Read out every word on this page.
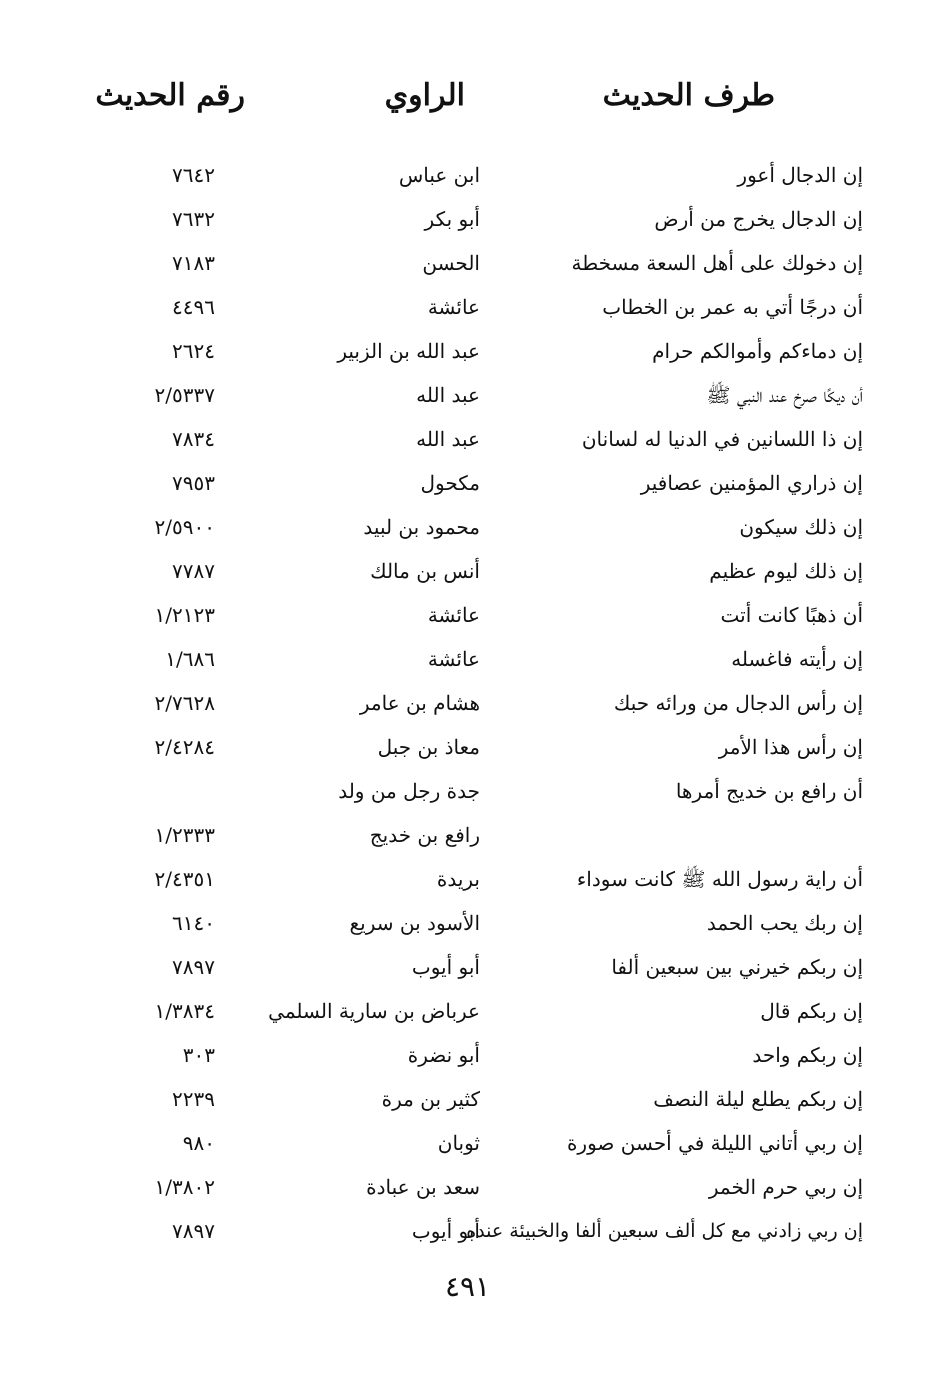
طرف الحديث
الراوي
رقم الحديث
إن الدجال أعور
ابن عباس
٧٦٤٢
إن الدجال يخرج من أرض
أبو بكر
٧٦٣٢
إن دخولك على أهل السعة مسخطة
الحسن
٧١٨٣
أن درجًا أتي به عمر بن الخطاب
عائشة
٤٤٩٦
إن دماءكم وأموالكم حرام
عبد الله بن الزبير
٢٦٢٤
أن ديكًا صرخ عند النبي ﷺ
عبد الله
٢/٥٣٣٧
إن ذا اللسانين في الدنيا له لسانان
عبد الله
٧٨٣٤
إن ذراري المؤمنين عصافير
مكحول
٧٩٥٣
إن ذلك سيكون
محمود بن لبيد
٢/٥٩٠٠
إن ذلك ليوم عظيم
أنس بن مالك
٧٧٨٧
أن ذهبًا كانت أتت
عائشة
١/٢١٢٣
إن رأيته فاغسله
عائشة
١/٦٨٦
إن رأس الدجال من ورائه حبك
هشام بن عامر
٢/٧٦٢٨
إن رأس هذا الأمر
معاذ بن جبل
٢/٤٢٨٤
أن رافع بن خديج أمرها
جدة رجل من ولد
رافع بن خديج
١/٢٣٣٣
أن راية رسول الله ﷺ كانت سوداء
بريدة
٢/٤٣٥١
إن ربك يحب الحمد
الأسود بن سريع
٦١٤٠
إن ربكم خيرني بين سبعين ألفا
أبو أيوب
٧٨٩٧
إن ربكم قال
عرباض بن سارية السلمي
١/٣٨٣٤
إن ربكم واحد
أبو نضرة
٣٠٣
إن ربكم يطلع ليلة النصف
كثير بن مرة
٢٢٣٩
إن ربي أتاني الليلة في أحسن صورة
ثوبان
٩٨٠
إن ربي حرم الخمر
سعد بن عبادة
١/٣٨٠٢
إن ربي زادني مع كل ألف سبعين ألفا والخبيئة عنده
أبو أيوب
٧٨٩٧
٤٩١
